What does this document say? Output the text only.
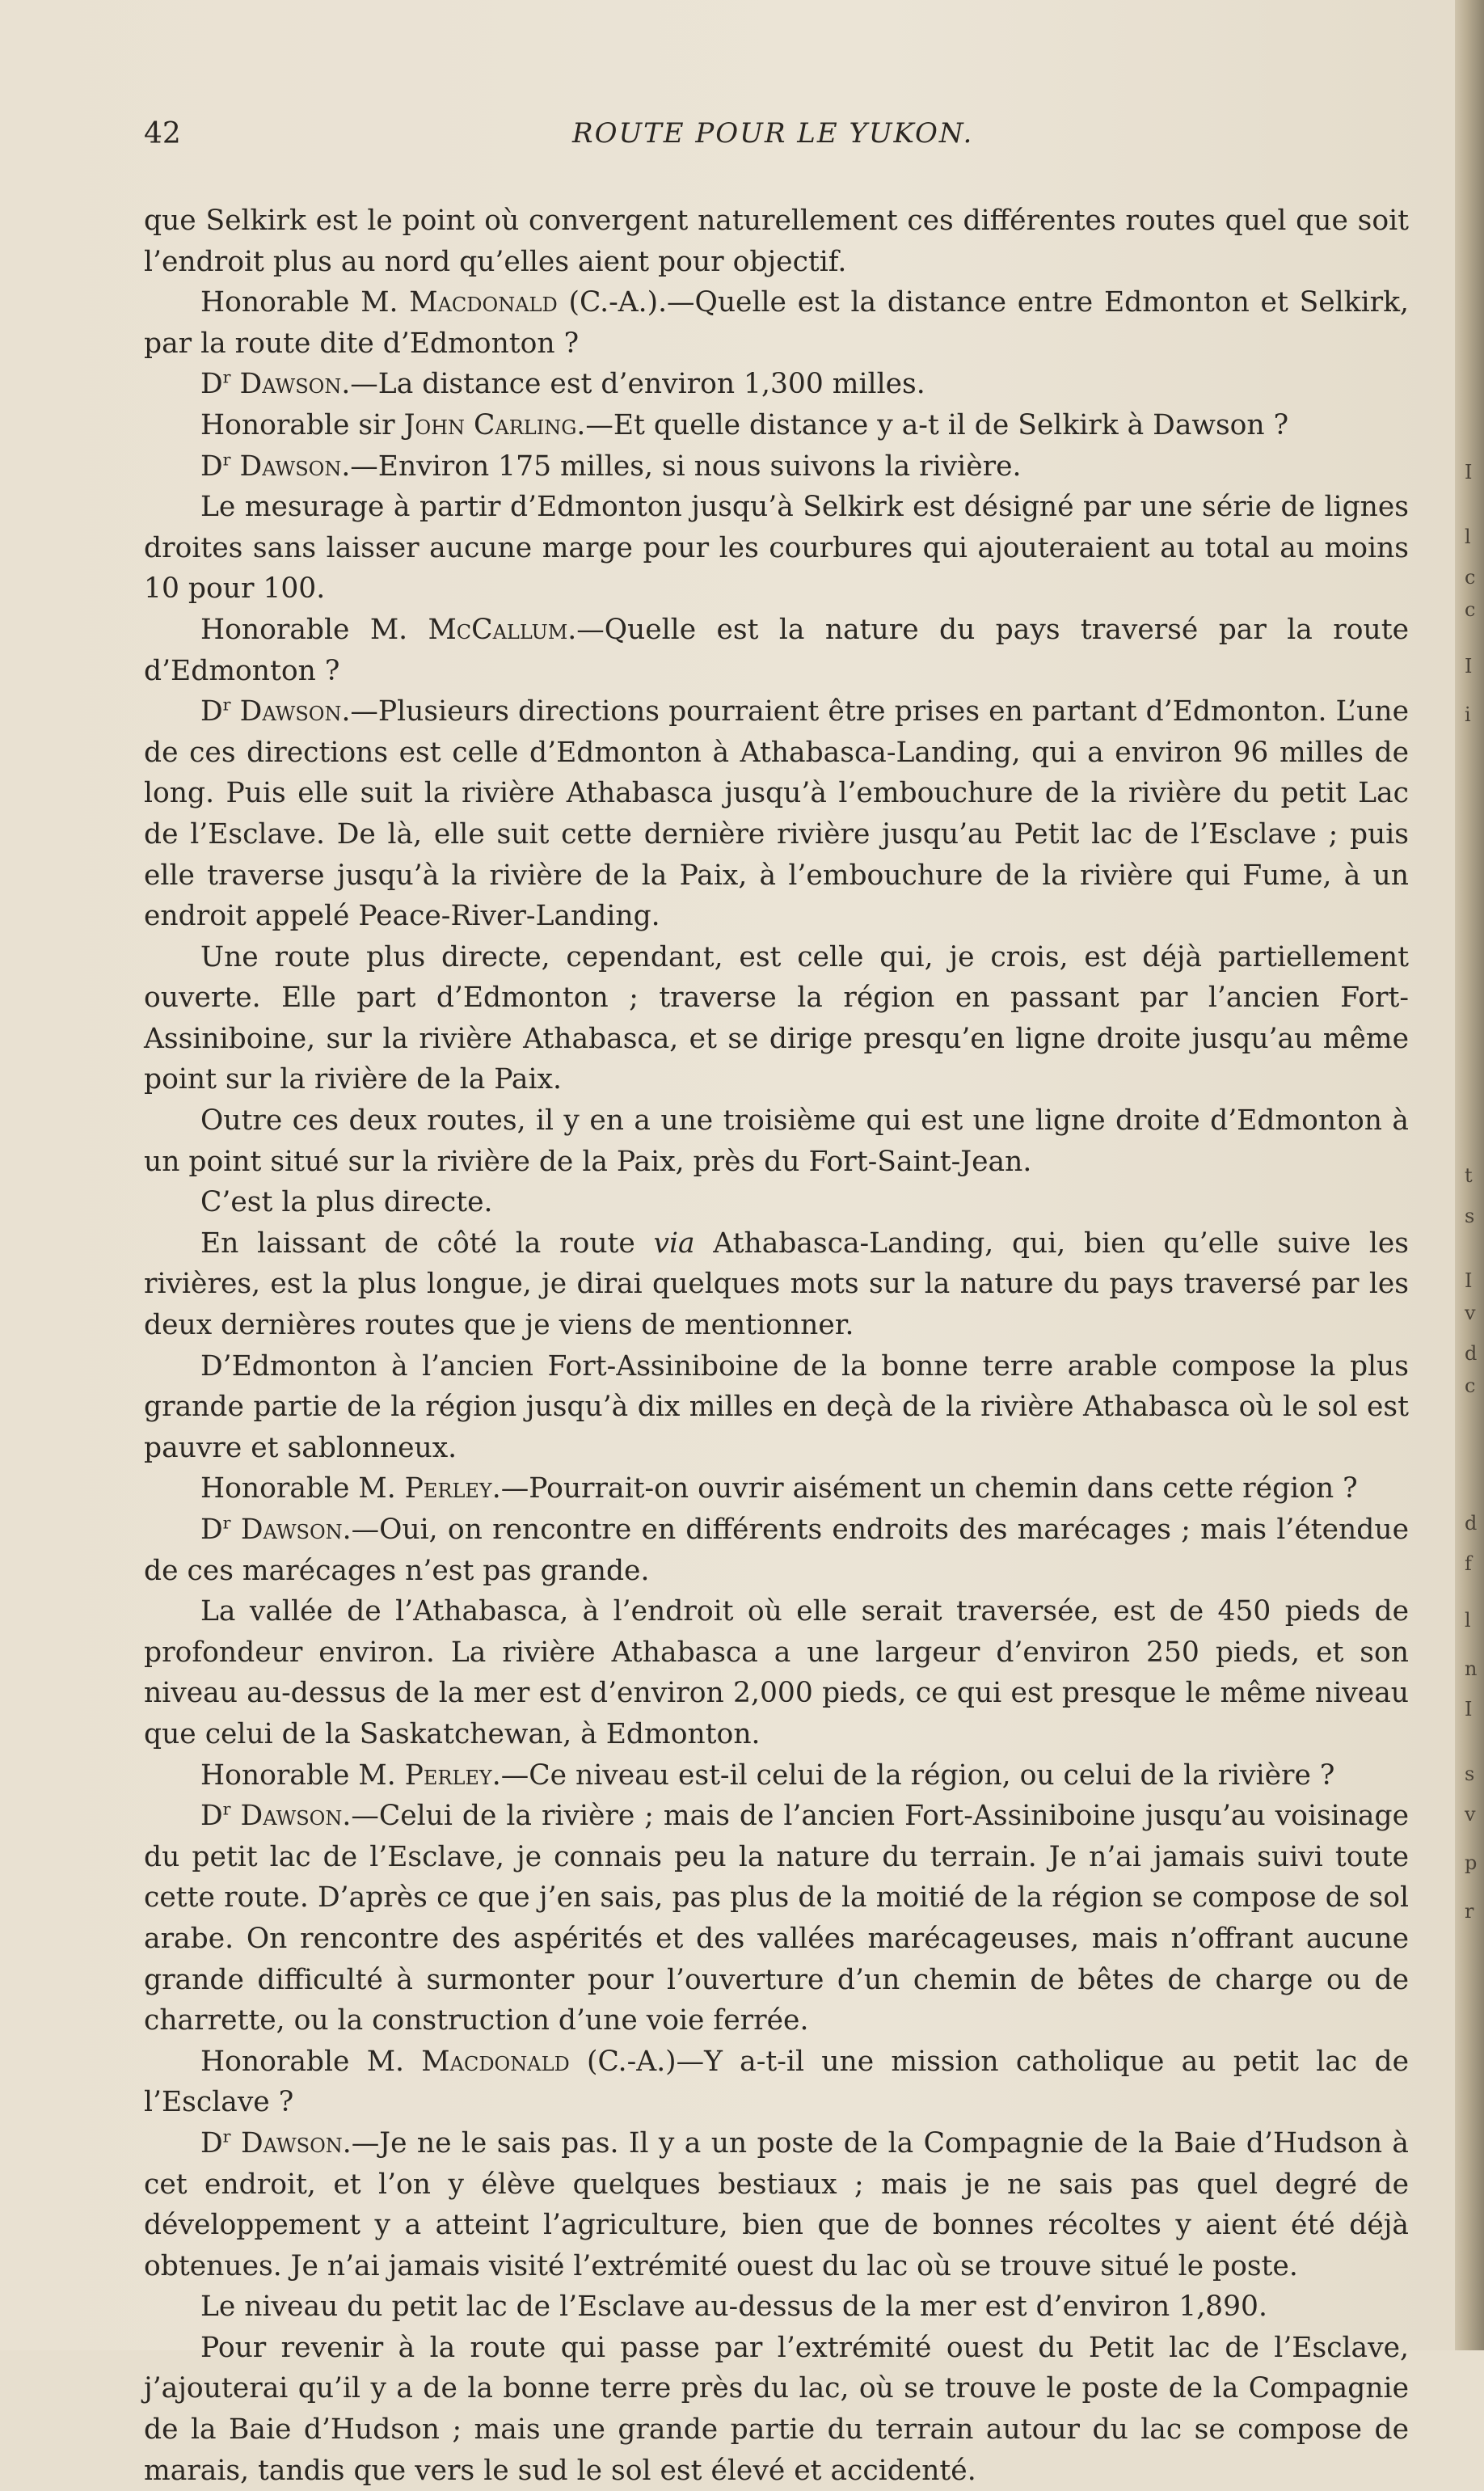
42	ROUTE POUR LE YUKON.

que Selkirk est le point où convergent naturellement ces différentes routes quel que soit l’endroit plus au nord qu’elles aient pour objectif.

Honorable M. Macdonald (C.-A.).—Quelle est la distance entre Edmonton et Selkirk, par la route dite d’Edmonton ?

$D^r$ Dawson.—La distance est d’environ 1,300 milles.

Honorable sir John Carling.—Et quelle distance y a-t il de Selkirk à Dawson ?

$D^r$ Dawson.—Environ 175 milles, si nous suivons la rivière.

Le mesurage à partir d’Edmonton jusqu’à Selkirk est désigné par une série de lignes droites sans laisser aucune marge pour les courbures qui ajouteraient au total au moins 10 pour 100.

Honorable M. McCallum.—Quelle est la nature du pays traversé par la route d’Edmonton ?

$D^r$ Dawson.—Plusieurs directions pourraient être prises en partant d’Edmonton. L’une de ces directions est celle d’Edmonton à Athabasca-Landing, qui a environ 96 milles de long. Puis elle suit la rivière Athabasca jusqu’à l’embouchure de la rivière du petit Lac de l’Esclave. De là, elle suit cette dernière rivière jusqu’au Petit lac de l’Esclave ; puis elle traverse jusqu’à la rivière de la Paix, à l’embouchure de la rivière qui Fume, à un endroit appelé Peace-River-Landing.

Une route plus directe, cependant, est celle qui, je crois, est déjà partiellement ouverte. Elle part d’Edmonton ; traverse la région en passant par l’ancien Fort-Assiniboine, sur la rivière Athabasca, et se dirige presqu’en ligne droite jusqu’au même point sur la rivière de la Paix.

Outre ces deux routes, il y en a une troisième qui est une ligne droite d’Edmonton à un point situé sur la rivière de la Paix, près du Fort-Saint-Jean.

C’est la plus directe.

En laissant de côté la route via Athabasca-Landing, qui, bien qu’elle suive les rivières, est la plus longue, je dirai quelques mots sur la nature du pays traversé par les deux dernières routes que je viens de mentionner.

D’Edmonton à l’ancien Fort-Assiniboine de la bonne terre arable compose la plus grande partie de la région jusqu’à dix milles en deçà de la rivière Athabasca où le sol est pauvre et sablonneux.

Honorable M. Perley.—Pourrait-on ouvrir aisément un chemin dans cette région ?

$D^r$ Dawson.—Oui, on rencontre en différents endroits des marécages ; mais l’étendue de ces marécages n’est pas grande.

La vallée de l’Athabasca, à l’endroit où elle serait traversée, est de 450 pieds de profondeur environ. La rivière Athabasca a une largeur d’environ 250 pieds, et son niveau au-dessus de la mer est d’environ 2,000 pieds, ce qui est presque le même niveau que celui de la Saskatchewan, à Edmonton.

Honorable M. Perley.—Ce niveau est-il celui de la région, ou celui de la rivière ?

$D^r$ Dawson.—Celui de la rivière ; mais de l’ancien Fort-Assiniboine jusqu’au voisinage du petit lac de l’Esclave, je connais peu la nature du terrain. Je n’ai jamais suivi toute cette route. D’après ce que j’en sais, pas plus de la moitié de la région se compose de sol arabe. On rencontre des aspérités et des vallées marécageuses, mais n’offrant aucune grande difficulté à surmonter pour l’ouverture d’un chemin de bêtes de charge ou de charrette, ou la construction d’une voie ferrée.

Honorable M. Macdonald (C.-A.)—Y a-t-il une mission catholique au petit lac de l’Esclave ?

$D^r$ Dawson.—Je ne le sais pas. Il y a un poste de la Compagnie de la Baie d’Hudson à cet endroit, et l’on y élève quelques bestiaux ; mais je ne sais pas quel degré de développement y a atteint l’agriculture, bien que de bonnes récoltes y aient été déjà obtenues. Je n’ai jamais visité l’extrémité ouest du lac où se trouve situé le poste.

Le niveau du petit lac de l’Esclave au-dessus de la mer est d’environ 1,890.

Pour revenir à la route qui passe par l’extrémité ouest du Petit lac de l’Esclave, j’ajouterai qu’il y a de la bonne terre près du lac, où se trouve le poste de la Compagnie de la Baie d’Hudson ; mais une grande partie du terrain autour du lac se compose de marais, tandis que vers le sud le sol est élevé et accidenté.

I
l
c
c
I
i
t
s
I
v
d
c
d
f
l
n
I
s
v
p
r
